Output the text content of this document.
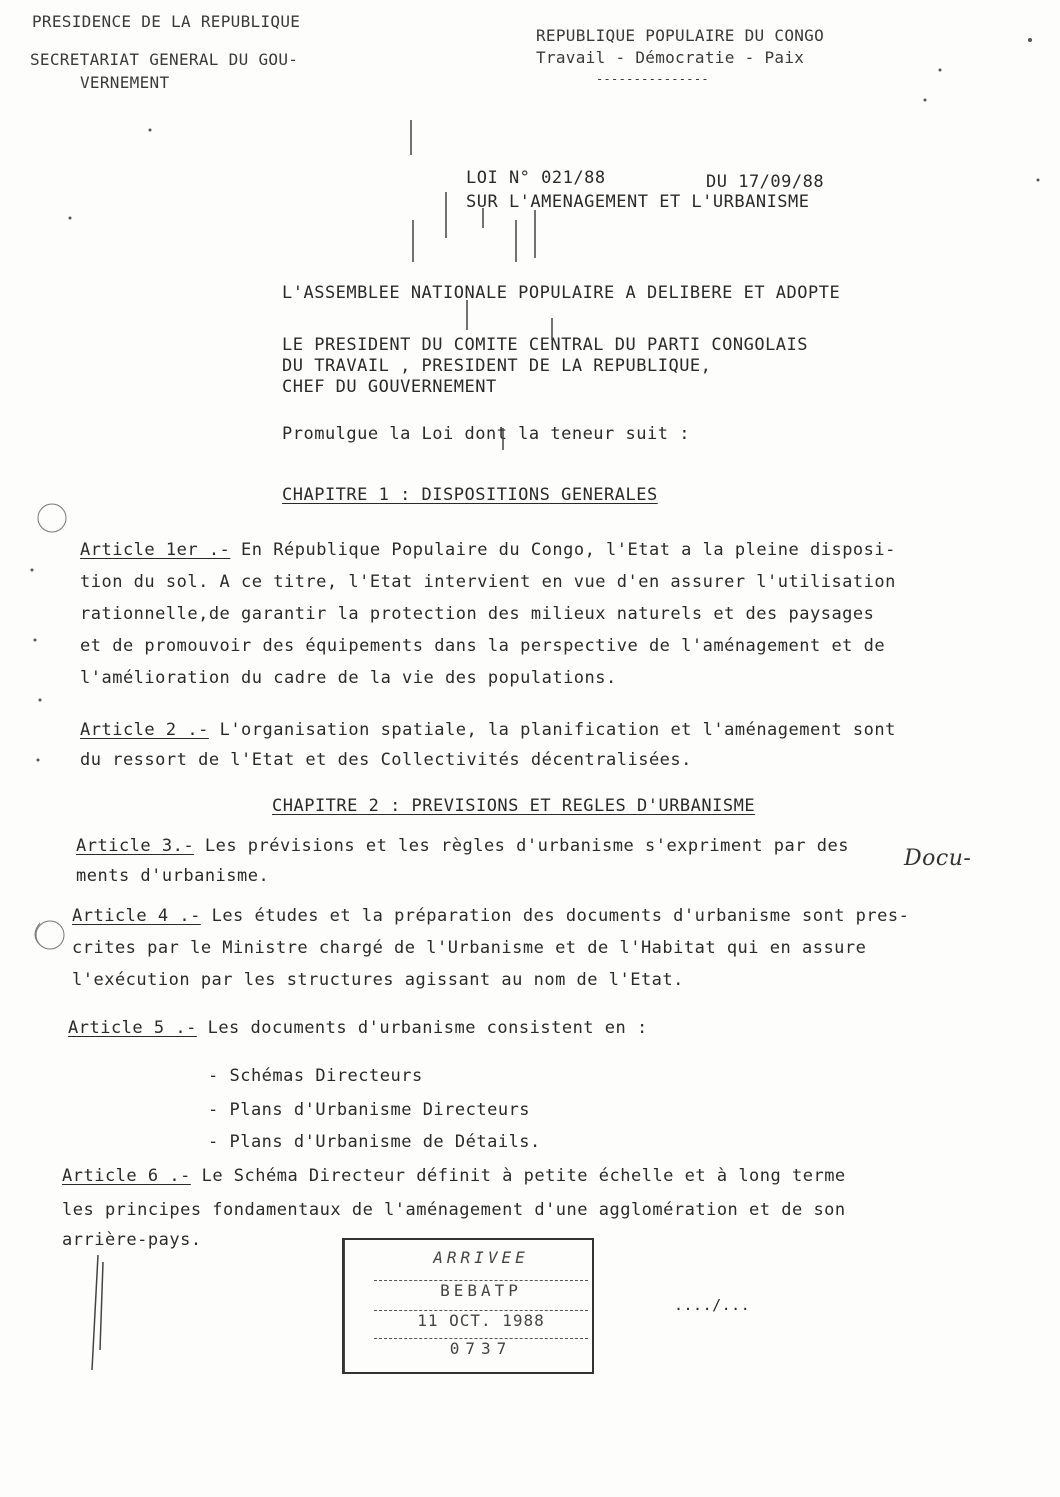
PRESIDENCE DE LA REPUBLIQUE
SECRETARIAT GENERAL DU GOU-
VERNEMENT
REPUBLIQUE POPULAIRE DU CONGO
Travail - Démocratie - Paix
---------------
LOI N° 021/88	DU 17/09/88
SUR L'AMENAGEMENT ET L'URBANISME
L'ASSEMBLEE NATIONALE POPULAIRE A DELIBERE ET ADOPTE
LE PRESIDENT DU COMITE CENTRAL DU PARTI CONGOLAIS
DU TRAVAIL , PRESIDENT DE LA REPUBLIQUE,
CHEF DU GOUVERNEMENT
Promulgue la Loi dont la teneur suit :
CHAPITRE 1 : DISPOSITIONS GENERALES
Article 1er .- En République Populaire du Congo, l'Etat a la pleine disposi-
tion du sol. A ce titre, l'Etat intervient en vue d'en assurer l'utilisation
rationnelle,de garantir la protection des milieux naturels et des paysages
et de promouvoir des équipements dans la perspective de l'aménagement et de
l'amélioration du cadre de la vie des populations.
Article 2 .- L'organisation spatiale, la planification et l'aménagement sont
du ressort de l'Etat et des Collectivités décentralisées.
CHAPITRE 2 : PREVISIONS ET REGLES D'URBANISME
Article 3.- Les prévisions et les règles d'urbanisme s'expriment par des
ments d'urbanisme.
Docu-
Article 4 .- Les études et la préparation des documents d'urbanisme sont pres-
crites par le Ministre chargé de l'Urbanisme et de l'Habitat qui en assure
l'exécution par les structures agissant au nom de l'Etat.
Article 5 .- Les documents d'urbanisme consistent en :
- Schémas Directeurs
- Plans d'Urbanisme Directeurs
- Plans d'Urbanisme de Détails.
Article 6 .- Le Schéma Directeur définit à petite échelle et à long terme
les principes fondamentaux de l'aménagement d'une agglomération et de son
arrière-pays.
ARRIVEE
BEBATP
11 OCT. 1988
0737
..../...
